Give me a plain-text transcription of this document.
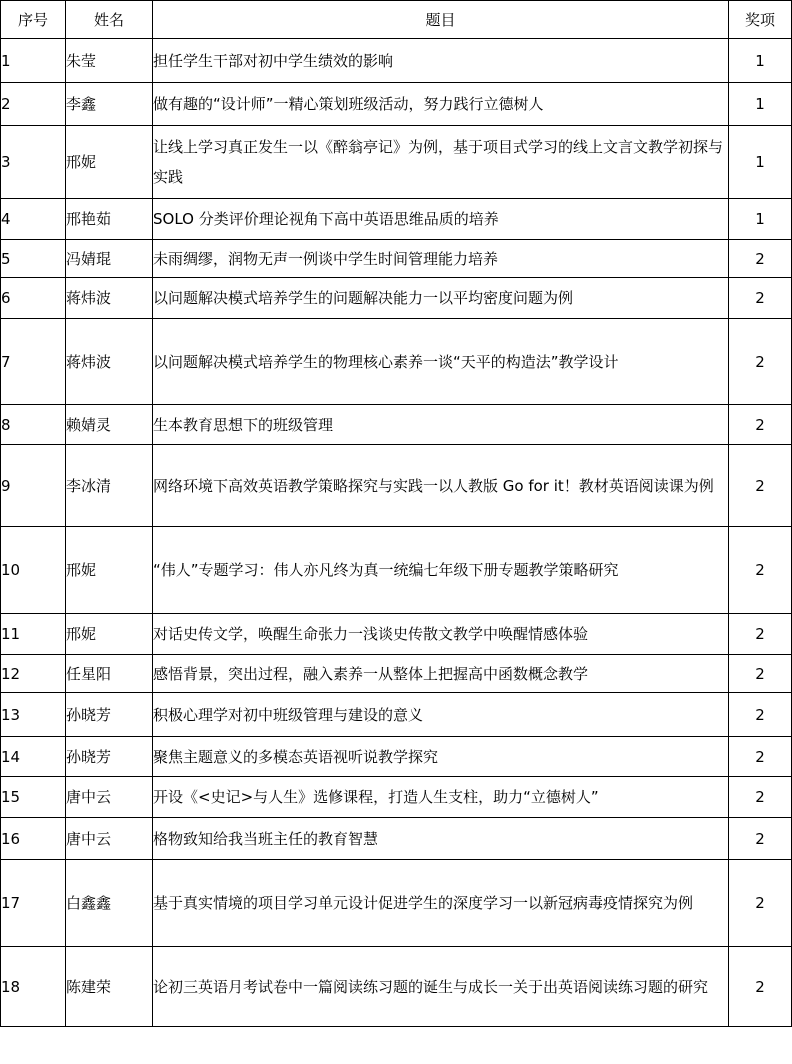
序号	姓名	题目	奖项
1	朱莹	担任学生干部对初中学生绩效的影响	1
2	李鑫	做有趣的“设计师”一精心策划班级活动，努力践行立德树人	1
3	邢妮	让线上学习真正发生一以《醉翁亭记》为例，基于项目式学习的线上文言文教学初探与实践	1
4	邢艳茹	SOLO 分类评价理论视角下高中英语思维品质的培养	1
5	冯婧琨	未雨绸缪，润物无声一例谈中学生时间管理能力培养	2
6	蒋炜波	以问题解决模式培养学生的问题解决能力一以平均密度问题为例	2
7	蒋炜波	以问题解决模式培养学生的物理核心素养一谈“天平的构造法”教学设计	2
8	赖婧灵	生本教育思想下的班级管理	2
9	李冰清	网络环境下高效英语教学策略探究与实践一以人教版 Go for it！教材英语阅读课为例	2
10	邢妮	“伟人”专题学习：伟人亦凡终为真一统编七年级下册专题教学策略研究	2
11	邢妮	对话史传文学，唤醒生命张力一浅谈史传散文教学中唤醒情感体验	2
12	任星阳	感悟背景，突出过程，融入素养一从整体上把握高中函数概念教学	2
13	孙晓芳	积极心理学对初中班级管理与建设的意义	2
14	孙晓芳	聚焦主题意义的多模态英语视听说教学探究	2
15	唐中云	开设《<史记>与人生》选修课程，打造人生支柱，助力“立德树人”	2
16	唐中云	格物致知给我当班主任的教育智慧	2
17	白鑫鑫	基于真实情境的项目学习单元设计促进学生的深度学习一以新冠病毒疫情探究为例	2
18	陈建荣	论初三英语月考试卷中一篇阅读练习题的诞生与成长一关于出英语阅读练习题的研究	2
